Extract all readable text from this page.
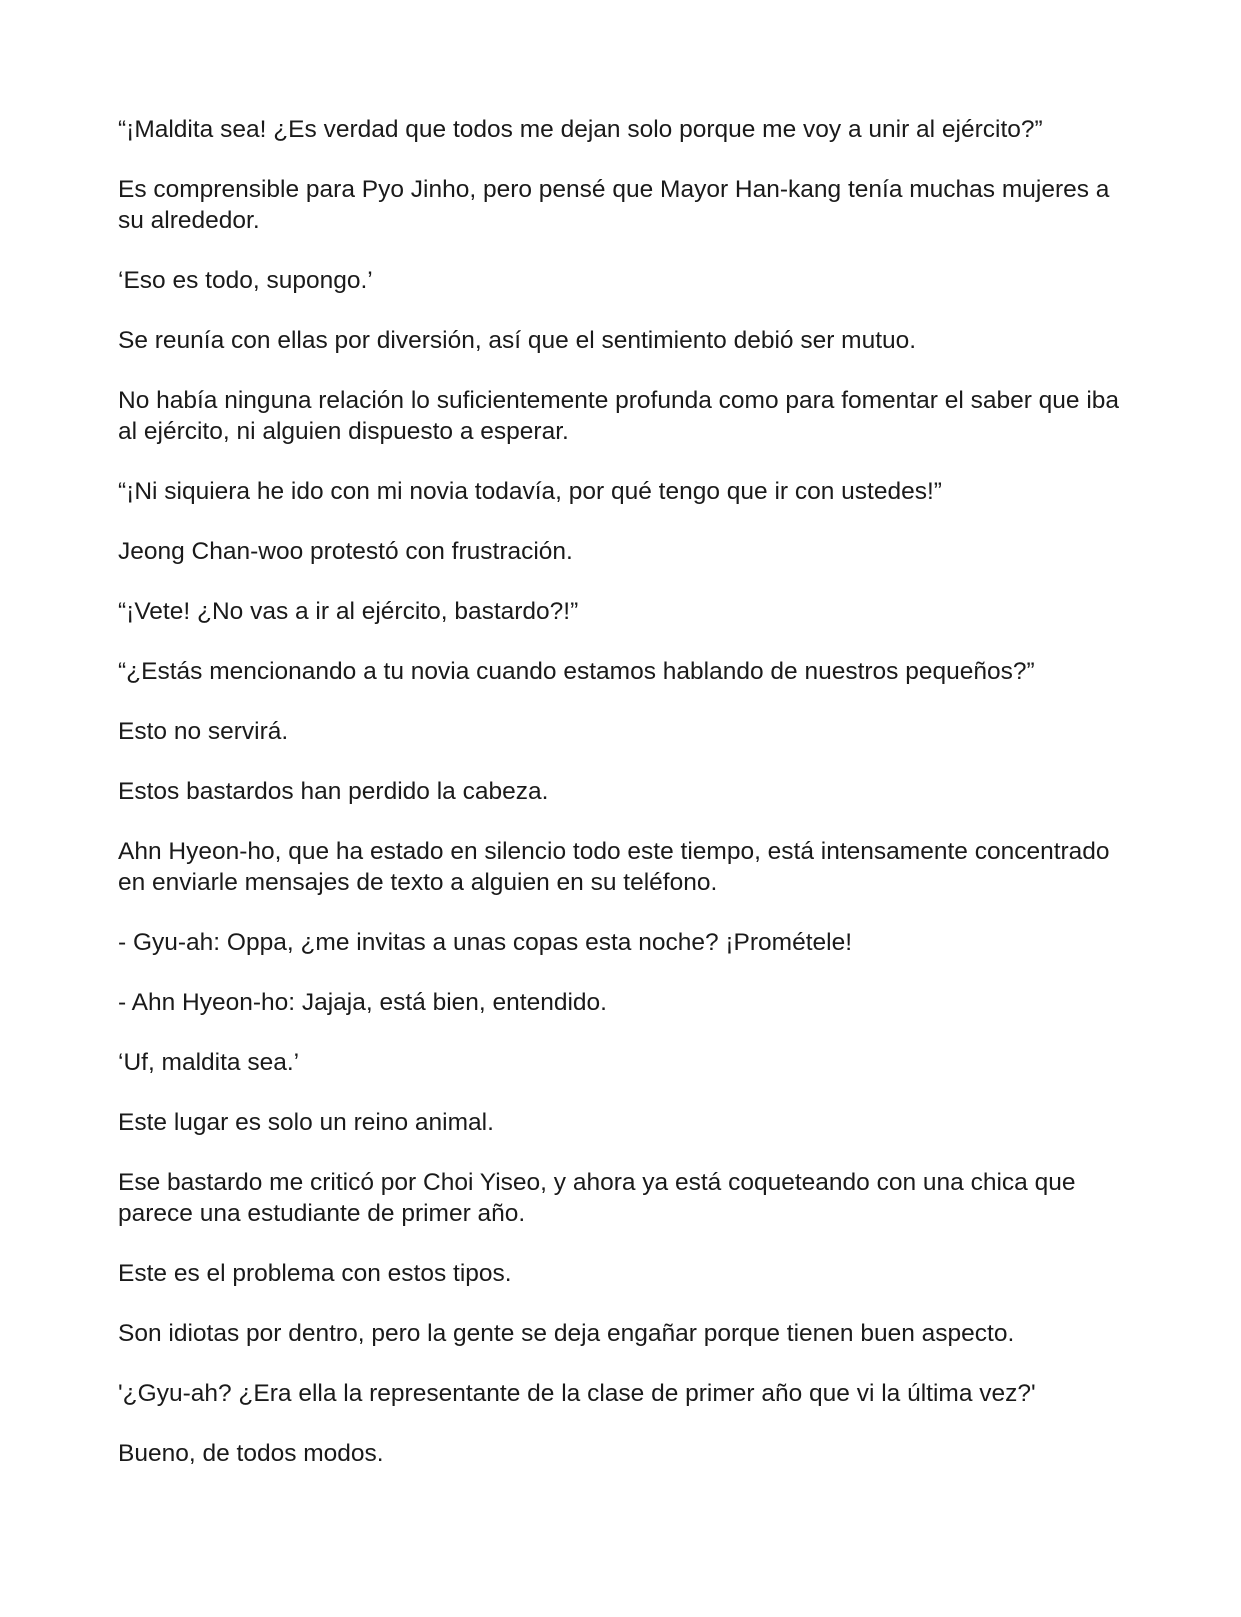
“¡Maldita sea! ¿Es verdad que todos me dejan solo porque me voy a unir al ejército?”

Es comprensible para Pyo Jinho, pero pensé que Mayor Han-kang tenía muchas mujeres a su alrededor.

‘Eso es todo, supongo.’

Se reunía con ellas por diversión, así que el sentimiento debió ser mutuo.

No había ninguna relación lo suficientemente profunda como para fomentar el saber que iba al ejército, ni alguien dispuesto a esperar.

“¡Ni siquiera he ido con mi novia todavía, por qué tengo que ir con ustedes!”

Jeong Chan-woo protestó con frustración.

“¡Vete! ¿No vas a ir al ejército, bastardo?!”

“¿Estás mencionando a tu novia cuando estamos hablando de nuestros pequeños?”

Esto no servirá.

Estos bastardos han perdido la cabeza.

Ahn Hyeon-ho, que ha estado en silencio todo este tiempo, está intensamente concentrado en enviarle mensajes de texto a alguien en su teléfono.

- Gyu-ah: Oppa, ¿me invitas a unas copas esta noche? ¡Prométele!

- Ahn Hyeon-ho: Jajaja, está bien, entendido.

‘Uf, maldita sea.’

Este lugar es solo un reino animal.

Ese bastardo me criticó por Choi Yiseo, y ahora ya está coqueteando con una chica que parece una estudiante de primer año.

Este es el problema con estos tipos.

Son idiotas por dentro, pero la gente se deja engañar porque tienen buen aspecto.

'¿Gyu-ah? ¿Era ella la representante de la clase de primer año que vi la última vez?'

Bueno, de todos modos.
